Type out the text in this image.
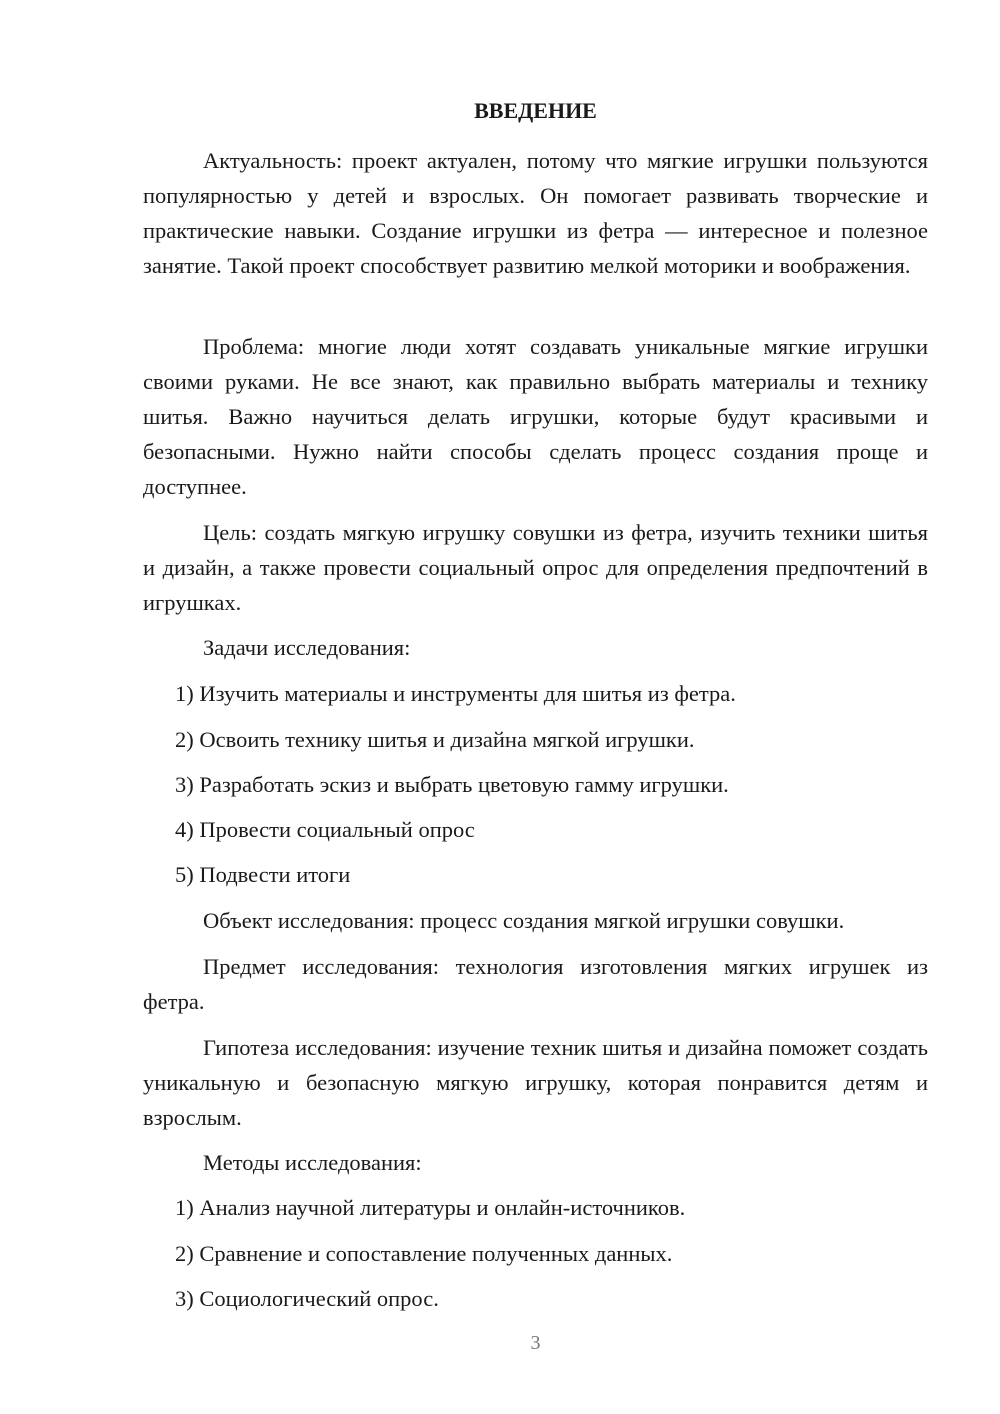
ВВЕДЕНИЕ

Актуальность: проект актуален, потому что мягкие игрушки пользуются популярностью у детей и взрослых. Он помогает развивать творческие и практические навыки. Создание игрушки из фетра — интересное и полезное занятие. Такой проект способствует развитию мелкой моторики и воображения.

Проблема: многие люди хотят создавать уникальные мягкие игрушки своими руками. Не все знают, как правильно выбрать материалы и технику шитья. Важно научиться делать игрушки, которые будут красивыми и безопасными. Нужно найти способы сделать процесс создания проще и доступнее.

Цель: создать мягкую игрушку совушки из фетра, изучить техники шитья и дизайн, а также провести социальный опрос для определения предпочтений в игрушках.

Задачи исследования:

1) Изучить материалы и инструменты для шитья из фетра.

2) Освоить технику шитья и дизайна мягкой игрушки.

3) Разработать эскиз и выбрать цветовую гамму игрушки.

4) Провести социальный опрос

5) Подвести итоги

Объект исследования: процесс создания мягкой игрушки совушки.

Предмет исследования: технология изготовления мягких игрушек из фетра.

Гипотеза исследования: изучение техник шитья и дизайна поможет создать уникальную и безопасную мягкую игрушку, которая понравится детям и взрослым.

Методы исследования:

1) Анализ научной литературы и онлайн-источников.

2) Сравнение и сопоставление полученных данных.

3) Социологический опрос.

3
